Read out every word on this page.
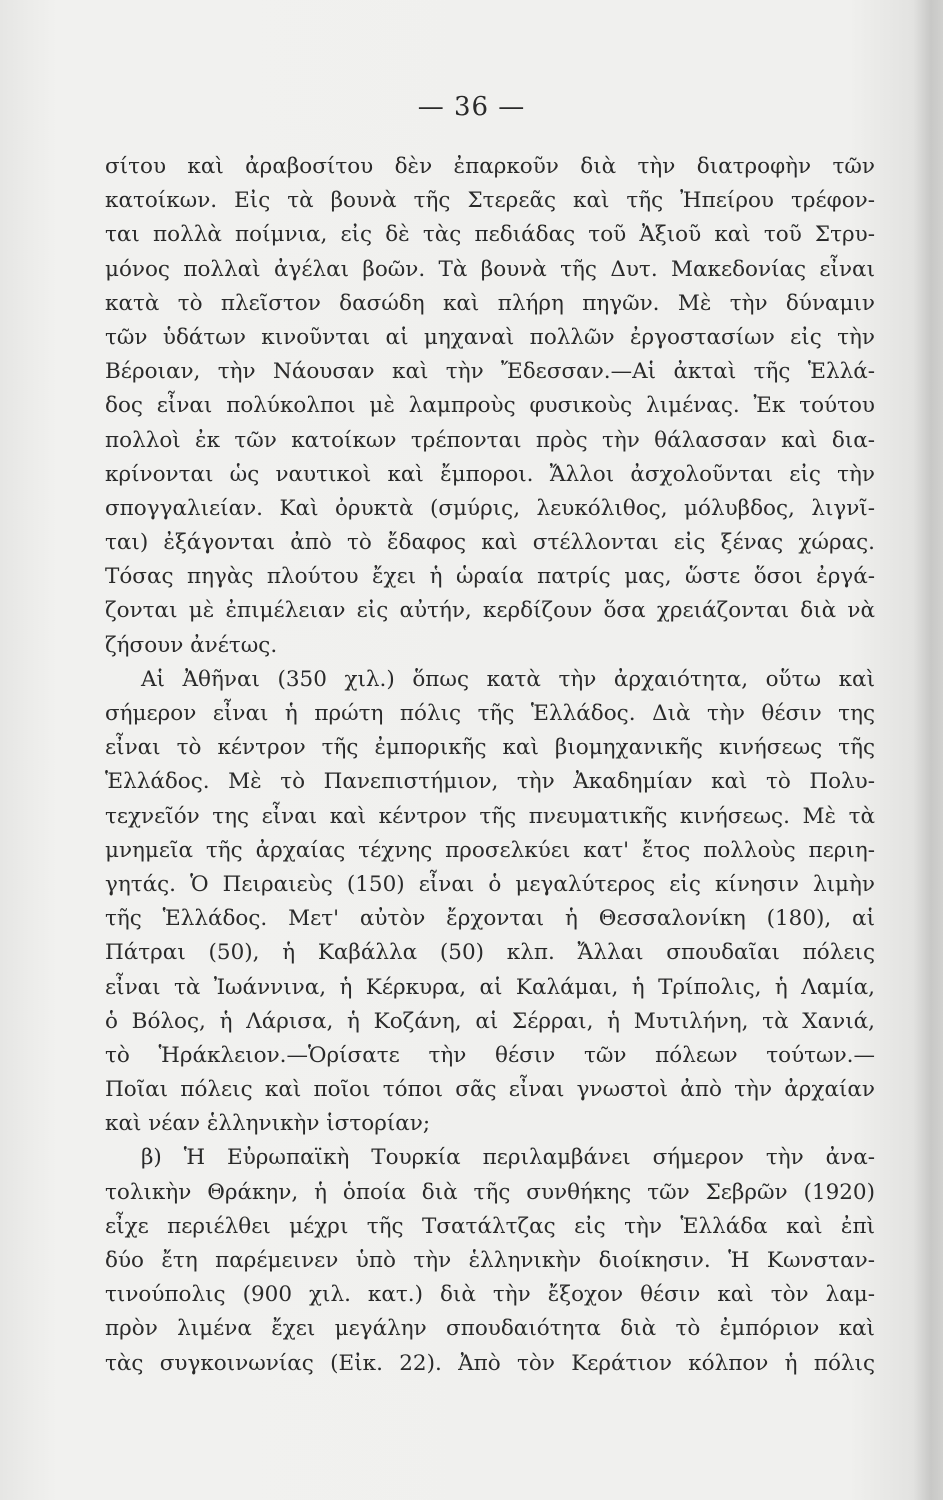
— 36 —
σίτου καὶ ἀραβοσίτου δὲν ἐπαρκοῦν διὰ τὴν διατροφὴν τῶν
κατοίκων. Εἰς τὰ βουνὰ τῆς Στερεᾶς καὶ τῆς Ἠπείρου τρέφον-
ται πολλὰ ποίμνια, εἰς δὲ τὰς πεδιάδας τοῦ Ἀξιοῦ καὶ τοῦ Στρυ-
μόνος πολλαὶ ἀγέλαι βοῶν. Τὰ βουνὰ τῆς Δυτ. Μακεδονίας εἶναι
κατὰ τὸ πλεῖστον δασώδη καὶ πλήρη πηγῶν. Μὲ τὴν δύναμιν
τῶν ὑδάτων κινοῦνται αἱ μηχαναὶ πολλῶν ἐργοστασίων εἰς τὴν
Βέροιαν, τὴν Νάουσαν καὶ τὴν Ἔδεσσαν.—Αἱ ἀκταὶ τῆς Ἑλλά-
δος εἶναι πολύκολποι μὲ λαμπροὺς φυσικοὺς λιμένας. Ἐκ τούτου
πολλοὶ ἐκ τῶν κατοίκων τρέπονται πρὸς τὴν θάλασσαν καὶ δια-
κρίνονται ὡς ναυτικοὶ καὶ ἔμποροι. Ἄλλοι ἀσχολοῦνται εἰς τὴν
σπογγαλιείαν. Καὶ ὀρυκτὰ (σμύρις, λευκόλιθος, μόλυβδος, λιγνῖ-
ται) ἐξάγονται ἀπὸ τὸ ἔδαφος καὶ στέλλονται εἰς ξένας χώρας.
Τόσας πηγὰς πλούτου ἔχει ἡ ὡραία πατρίς μας, ὥστε ὅσοι ἐργά-
ζονται μὲ ἐπιμέλειαν εἰς αὐτήν, κερδίζουν ὅσα χρειάζονται διὰ νὰ
ζήσουν ἀνέτως.
Αἱ Ἀθῆναι (350 χιλ.) ὅπως κατὰ τὴν ἀρχαιότητα, οὕτω καὶ
σήμερον εἶναι ἡ πρώτη πόλις τῆς Ἑλλάδος. Διὰ τὴν θέσιν της
εἶναι τὸ κέντρον τῆς ἐμπορικῆς καὶ βιομηχανικῆς κινήσεως τῆς
Ἑλλάδος. Μὲ τὸ Πανεπιστήμιον, τὴν Ἀκαδημίαν καὶ τὸ Πολυ-
τεχνεῖόν της εἶναι καὶ κέντρον τῆς πνευματικῆς κινήσεως. Μὲ τὰ
μνημεῖα τῆς ἀρχαίας τέχνης προσελκύει κατ' ἔτος πολλοὺς περιη-
γητάς. Ὁ Πειραιεὺς (150) εἶναι ὁ μεγαλύτερος εἰς κίνησιν λιμὴν
τῆς Ἑλλάδος. Μετ' αὐτὸν ἔρχονται ἡ Θεσσαλονίκη (180), αἱ
Πάτραι (50), ἡ Καβάλλα (50) κλπ. Ἄλλαι σπουδαῖαι πόλεις
εἶναι τὰ Ἰωάννινα, ἡ Κέρκυρα, αἱ Καλάμαι, ἡ Τρίπολις, ἡ Λαμία,
ὁ Βόλος, ἡ Λάρισα, ἡ Κοζάνη, αἱ Σέρραι, ἡ Μυτιλήνη, τὰ Χανιά,
τὸ Ἡράκλειον.—Ὁρίσατε τὴν θέσιν τῶν πόλεων τούτων.—
Ποῖαι πόλεις καὶ ποῖοι τόποι σᾶς εἶναι γνωστοὶ ἀπὸ τὴν ἀρχαίαν
καὶ νέαν ἑλληνικὴν ἱστορίαν;
β) Ἡ Εὐρωπαϊκὴ Τουρκία περιλαμβάνει σήμερον τὴν ἀνα-
τολικὴν Θράκην, ἡ ὁποία διὰ τῆς συνθήκης τῶν Σεβρῶν (1920)
εἶχε περιέλθει μέχρι τῆς Τσατάλτζας εἰς τὴν Ἑλλάδα καὶ ἐπὶ
δύο ἔτη παρέμεινεν ὑπὸ τὴν ἑλληνικὴν διοίκησιν. Ἡ Κωνσταν-
τινούπολις (900 χιλ. κατ.) διὰ τὴν ἔξοχον θέσιν καὶ τὸν λαμ-
πρὸν λιμένα ἔχει μεγάλην σπουδαιότητα διὰ τὸ ἐμπόριον καὶ
τὰς συγκοινωνίας (Εἰκ. 22). Ἀπὸ τὸν Κεράτιον κόλπον ἡ πόλις
